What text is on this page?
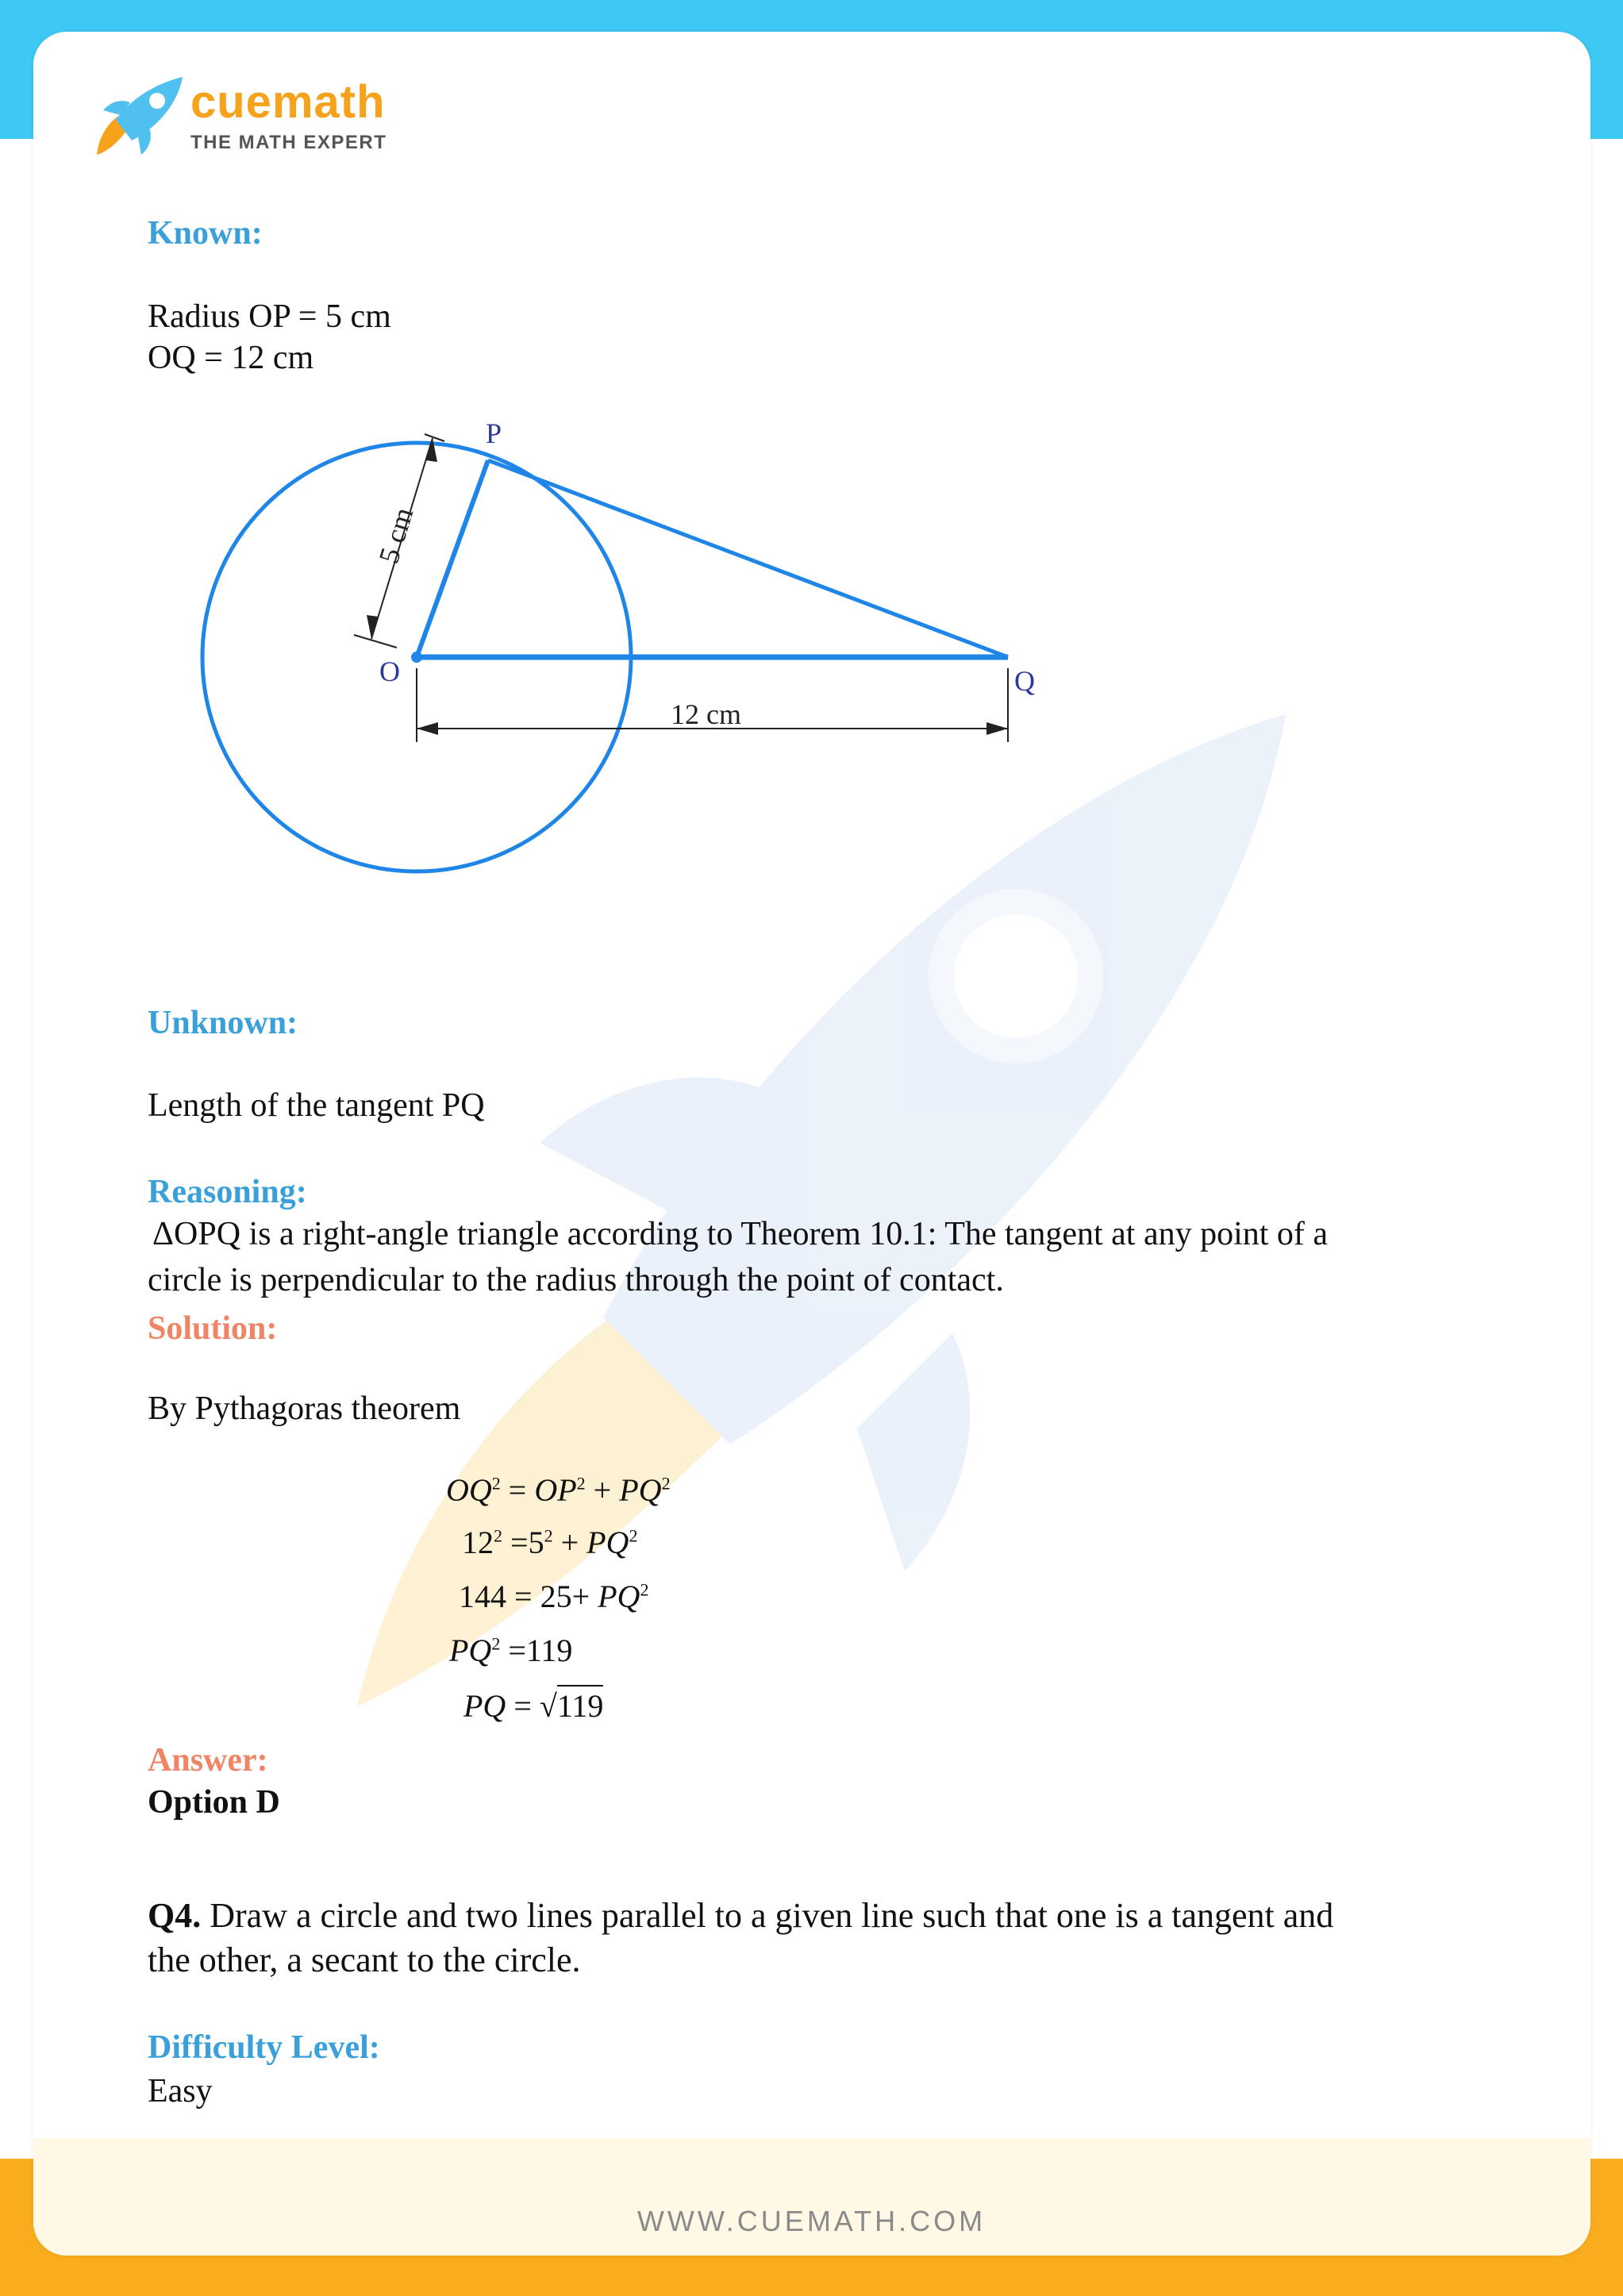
cuemath
THE MATH EXPERT
Known:
Radius OP = 5 cm
OQ = 12 cm
P
O	Q
5 cm
12 cm
Unknown:
Length of the tangent PQ
Reasoning:
ΔOPQ is a right-angle triangle according to Theorem 10.1: The tangent at any point of a
circle is perpendicular to the radius through the point of contact.
Solution:
By Pythagoras theorem
$OQ^2 = OP^2 + PQ^2$
$12^2 =5^2 + PQ^2$
$144 = 25+ PQ^2$
$PQ^2 =119$
PQ = √119
Answer:
Option D
Q4. Draw a circle and two lines parallel to a given line such that one is a tangent and
the other, a secant to the circle.
Difficulty Level:
Easy
WWW.CUEMATH.COM
